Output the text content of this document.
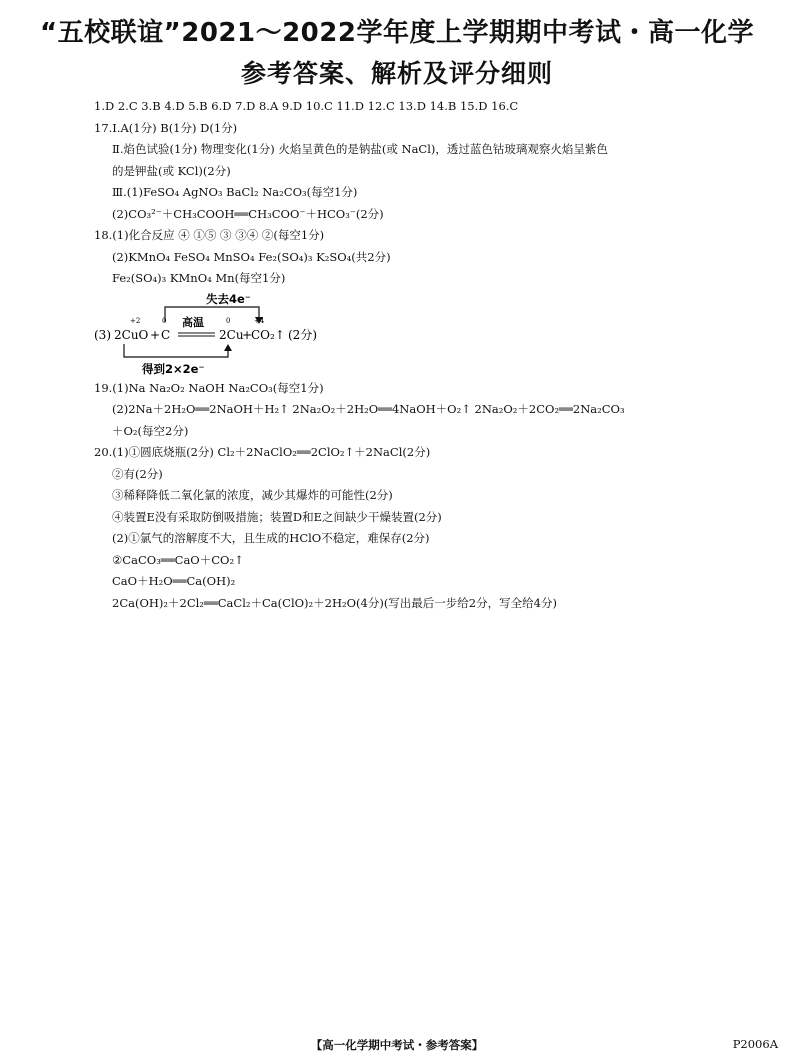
“五校联谊”2021～2022学年度上学期期中考试・高一化学
参考答案、解析及评分细则
1.D 2.C 3.B 4.D 5.B 6.D 7.D 8.A 9.D 10.C 11.D 12.C 13.D 14.B 15.D 16.C
17.Ⅰ.A(1分) B(1分) D(1分)
Ⅱ.焰色试验(1分) 物理变化(1分) 火焰呈黄色的是钠盐(或 NaCl)，透过蓝色钴玻璃观察火焰呈紫色
的是钾盐(或 KCl)(2分)
Ⅲ.(1)FeSO₄ AgNO₃ BaCl₂ Na₂CO₃(每空1分)
(2)CO₃²⁻＋CH₃COOH══CH₃COO⁻＋HCO₃⁻(2分)
18.(1)化合反应 ④ ①⑤ ③ ③④ ②(每空1分)
(2)KMnO₄ FeSO₄ MnSO₄ Fe₂(SO₄)₃ K₂SO₄(共2分)
Fe₂(SO₄)₃ KMnO₄ Mn(每空1分)
失去4e⁻
+2	0	0	+4
(3) 2CuO + C
高温
2Cu
+
CO₂↑ (2分)
得到2×2e⁻
19.(1)Na Na₂O₂ NaOH Na₂CO₃(每空1分)
(2)2Na＋2H₂O══2NaOH＋H₂↑ 2Na₂O₂＋2H₂O══4NaOH＋O₂↑ 2Na₂O₂＋2CO₂══2Na₂CO₃
＋O₂(每空2分)
20.(1)①圆底烧瓶(2分) Cl₂＋2NaClO₂══2ClO₂↑＋2NaCl(2分)
②有(2分)
③稀释降低二氧化氯的浓度，减少其爆炸的可能性(2分)
④装置E没有采取防倒吸措施；装置D和E之间缺少干燥装置(2分)
(2)①氯气的溶解度不大，且生成的HClO不稳定，难保存(2分)
②CaCO₃══CaO＋CO₂↑
CaO＋H₂O══Ca(OH)₂
2Ca(OH)₂＋2Cl₂══CaCl₂＋Ca(ClO)₂＋2H₂O(4分)(写出最后一步给2分，写全给4分)
【高一化学期中考试・参考答案】	P2006A
